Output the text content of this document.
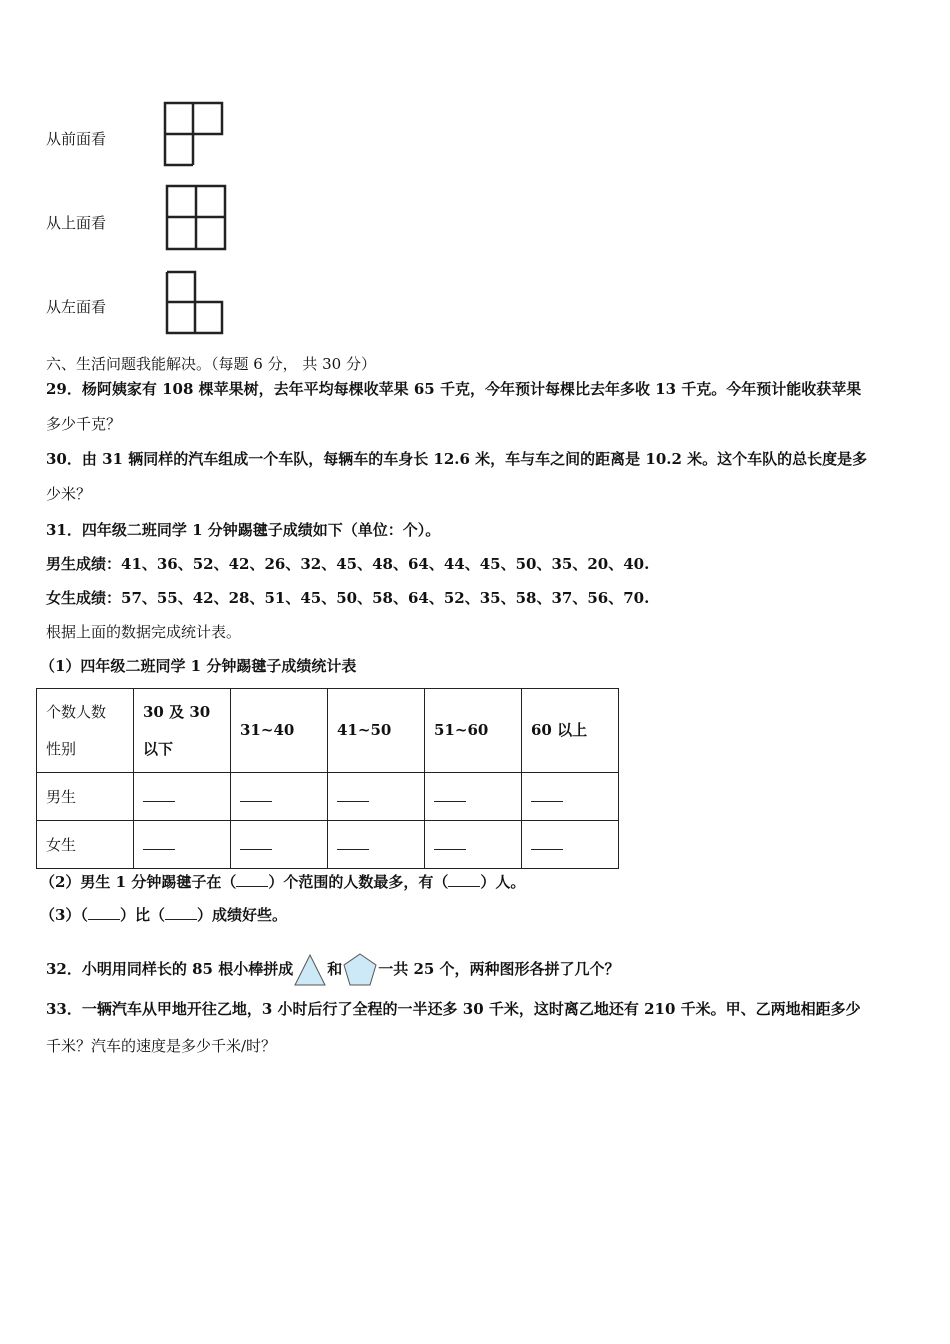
从前面看
从上面看
从左面看
六、生活问题我能解决。（每题 6 分， 共 30 分）
29．杨阿姨家有 108 棵苹果树，去年平均每棵收苹果 65 千克，今年预计每棵比去年多收 13 千克。今年预计能收获苹果
多少千克？
30．由 31 辆同样的汽车组成一个车队，每辆车的车身长 12.6 米，车与车之间的距离是 10.2 米。这个车队的总长度是多
少米？
31．四年级二班同学 1 分钟踢毽子成绩如下（单位：个）。
男生成绩：41、36、52、42、26、32、45、48、64、44、45、50、35、20、40.
女生成绩：57、55、42、28、51、45、50、58、64、52、35、58、37、56、70.
根据上面的数据完成统计表。
（1）四年级二班同学 1 分钟踢毽子成绩统计表
个数人数
性别	30 及 30 以下	31~40	41~50	51~60	60 以上
男生					
女生					
（2）男生 1 分钟踢毽子在（ ）个范围的人数最多，有（ ）人。
（3）（ ）比（ ）成绩好些。
32．小明用同样长的 85 根小棒拼成 和 一共 25 个，两种图形各拼了几个？
33．一辆汽车从甲地开往乙地，3 小时后行了全程的一半还多 30 千米，这时离乙地还有 210 千米。甲、乙两地相距多少
千米？汽车的速度是多少千米/时？
